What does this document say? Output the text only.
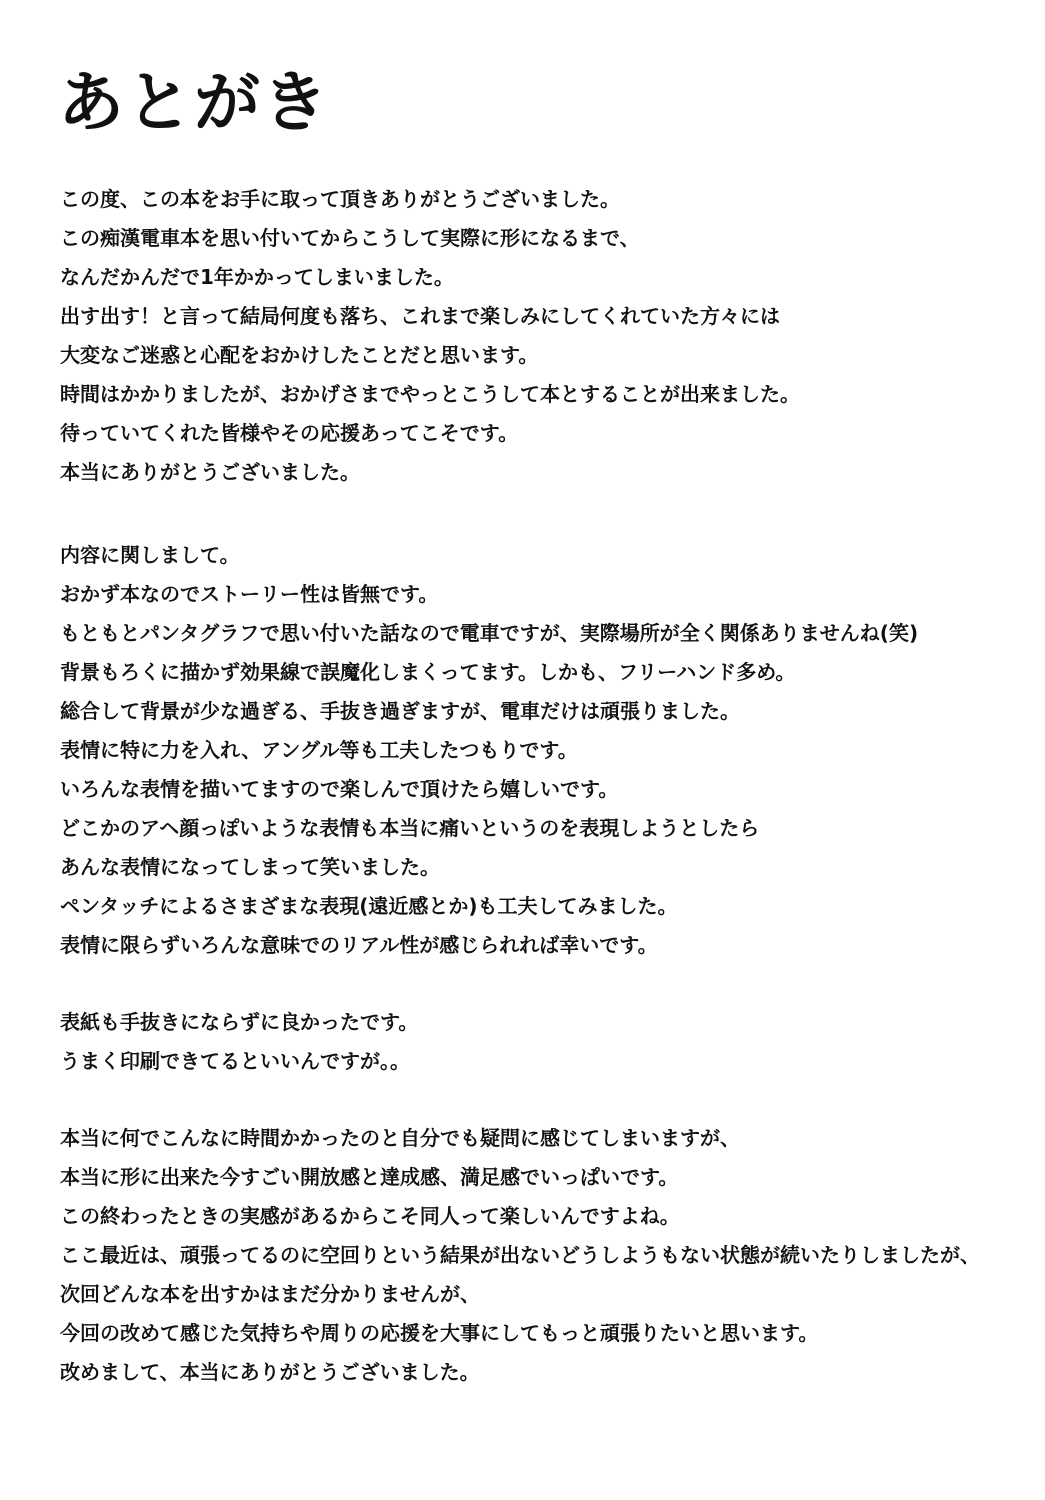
あとがき
この度、この本をお手に取って頂きありがとうございました。
この痴漢電車本を思い付いてからこうして実際に形になるまで、
なんだかんだで1年かかってしまいました。
出す出す！と言って結局何度も落ち、これまで楽しみにしてくれていた方々には
大変なご迷惑と心配をおかけしたことだと思います。
時間はかかりましたが、おかげさまでやっとこうして本とすることが出来ました。
待っていてくれた皆様やその応援あってこそです。
本当にありがとうございました。
内容に関しまして。
おかず本なのでストーリー性は皆無です。
もともとパンタグラフで思い付いた話なので電車ですが、実際場所が全く関係ありませんね(笑)
背景もろくに描かず効果線で誤魔化しまくってます。しかも、フリーハンド多め。
総合して背景が少な過ぎる、手抜き過ぎますが、電車だけは頑張りました。
表情に特に力を入れ、アングル等も工夫したつもりです。
いろんな表情を描いてますので楽しんで頂けたら嬉しいです。
どこかのアヘ顔っぽいような表情も本当に痛いというのを表現しようとしたら
あんな表情になってしまって笑いました。
ペンタッチによるさまざまな表現(遠近感とか)も工夫してみました。
表情に限らずいろんな意味でのリアル性が感じられれば幸いです。
表紙も手抜きにならずに良かったです。
うまく印刷できてるといいんですが。。
本当に何でこんなに時間かかったのと自分でも疑問に感じてしまいますが、
本当に形に出来た今すごい開放感と達成感、満足感でいっぱいです。
この終わったときの実感があるからこそ同人って楽しいんですよね。
ここ最近は、頑張ってるのに空回りという結果が出ないどうしようもない状態が続いたりしましたが、
次回どんな本を出すかはまだ分かりませんが、
今回の改めて感じた気持ちや周りの応援を大事にしてもっと頑張りたいと思います。
改めまして、本当にありがとうございました。
